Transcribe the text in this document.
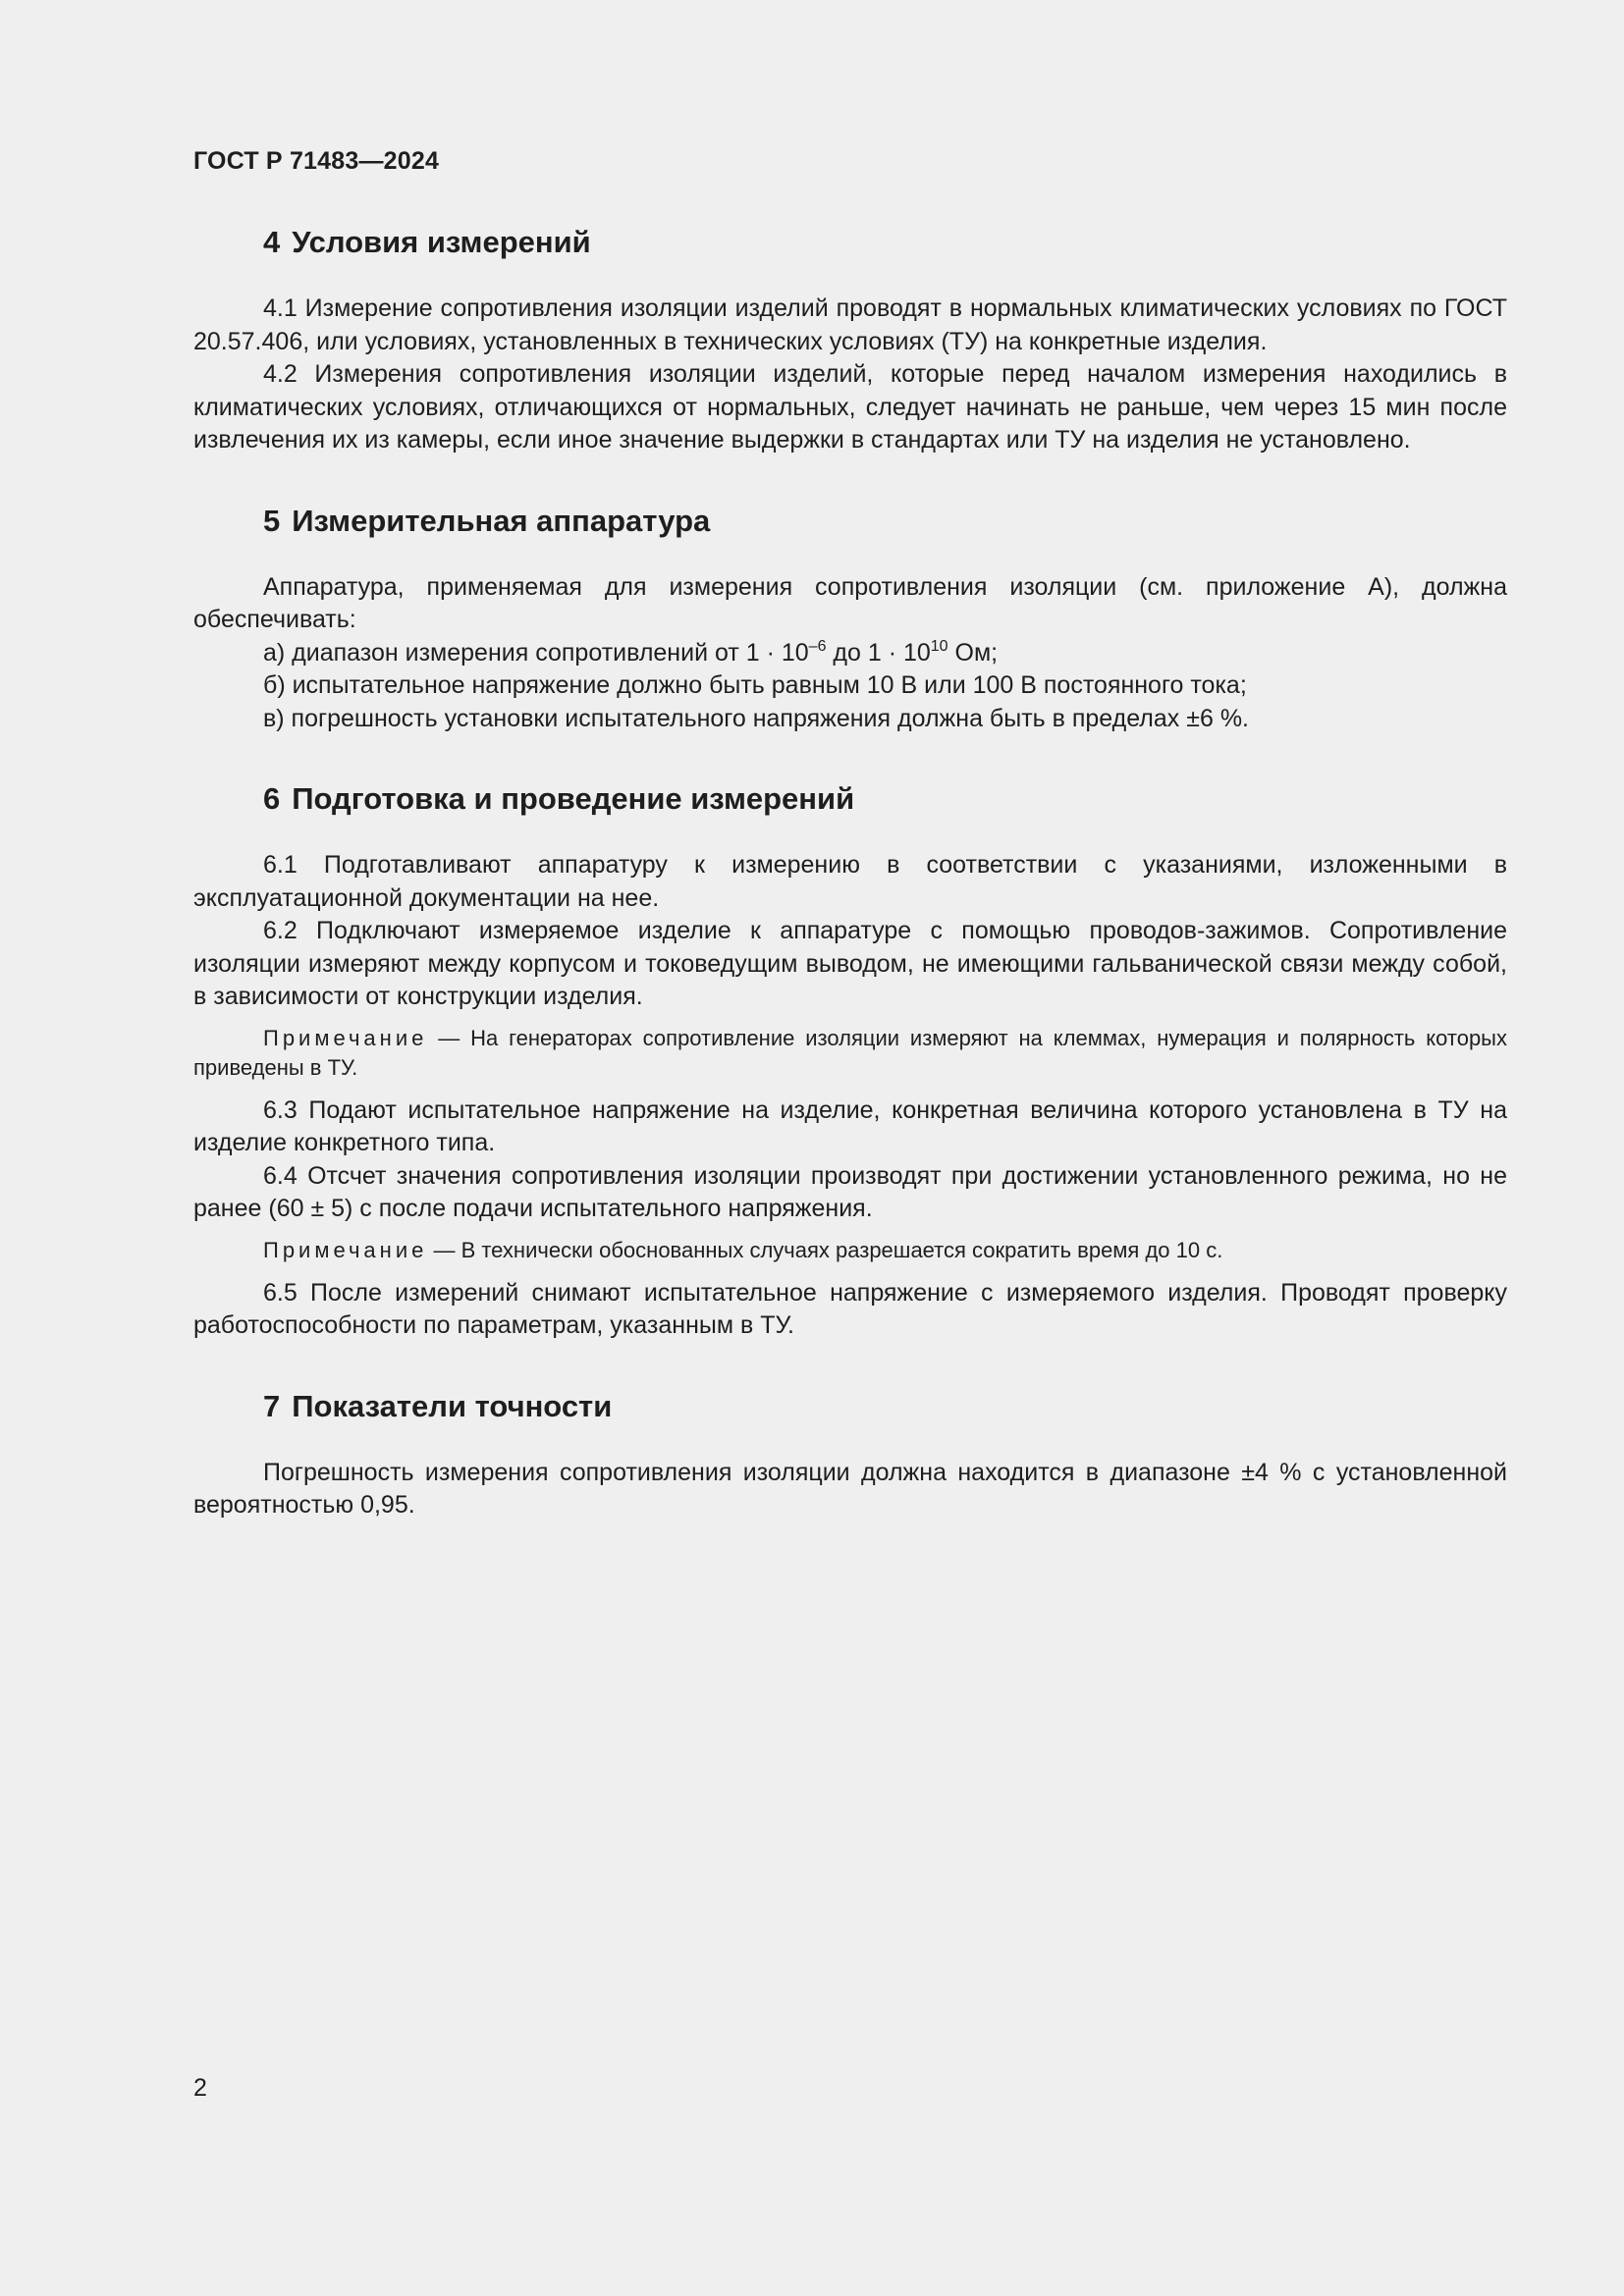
ГОСТ Р 71483—2024
4 Условия измерений

4.1 Измерение сопротивления изоляции изделий проводят в нормальных климатических условиях по ГОСТ 20.57.406, или условиях, установленных в технических условиях (ТУ) на конкретные изделия.

4.2 Измерения сопротивления изоляции изделий, которые перед началом измерения находились в климатических условиях, отличающихся от нормальных, следует начинать не раньше, чем через 15 мин после извлечения их из камеры, если иное значение выдержки в стандартах или ТУ на изделия не установлено.

5 Измерительная аппаратура

Аппаратура, применяемая для измерения сопротивления изоляции (см. приложение А), должна обеспечивать:

а) диапазон измерения сопротивлений от $1 \cdot 10^{-6}$ до $1 \cdot 10^{10}$ Ом;

б) испытательное напряжение должно быть равным 10 В или 100 В постоянного тока;

в) погрешность установки испытательного напряжения должна быть в пределах ±6 %.

6 Подготовка и проведение измерений

6.1 Подготавливают аппаратуру к измерению в соответствии с указаниями, изложенными в эксплуатационной документации на нее.

6.2 Подключают измеряемое изделие к аппаратуре с помощью проводов-зажимов. Сопротивление изоляции измеряют между корпусом и токоведущим выводом, не имеющими гальванической связи между собой, в зависимости от конструкции изделия.

Примечание — На генераторах сопротивление изоляции измеряют на клеммах, нумерация и полярность которых приведены в ТУ.

6.3 Подают испытательное напряжение на изделие, конкретная величина которого установлена в ТУ на изделие конкретного типа.

6.4 Отсчет значения сопротивления изоляции производят при достижении установленного режима, но не ранее (60 ± 5) с после подачи испытательного напряжения.

Примечание — В технически обоснованных случаях разрешается сократить время до 10 с.

6.5 После измерений снимают испытательное напряжение с измеряемого изделия. Проводят проверку работоспособности по параметрам, указанным в ТУ.

7 Показатели точности

Погрешность измерения сопротивления изоляции должна находится в диапазоне ±4 % с установленной вероятностью 0,95.

2
